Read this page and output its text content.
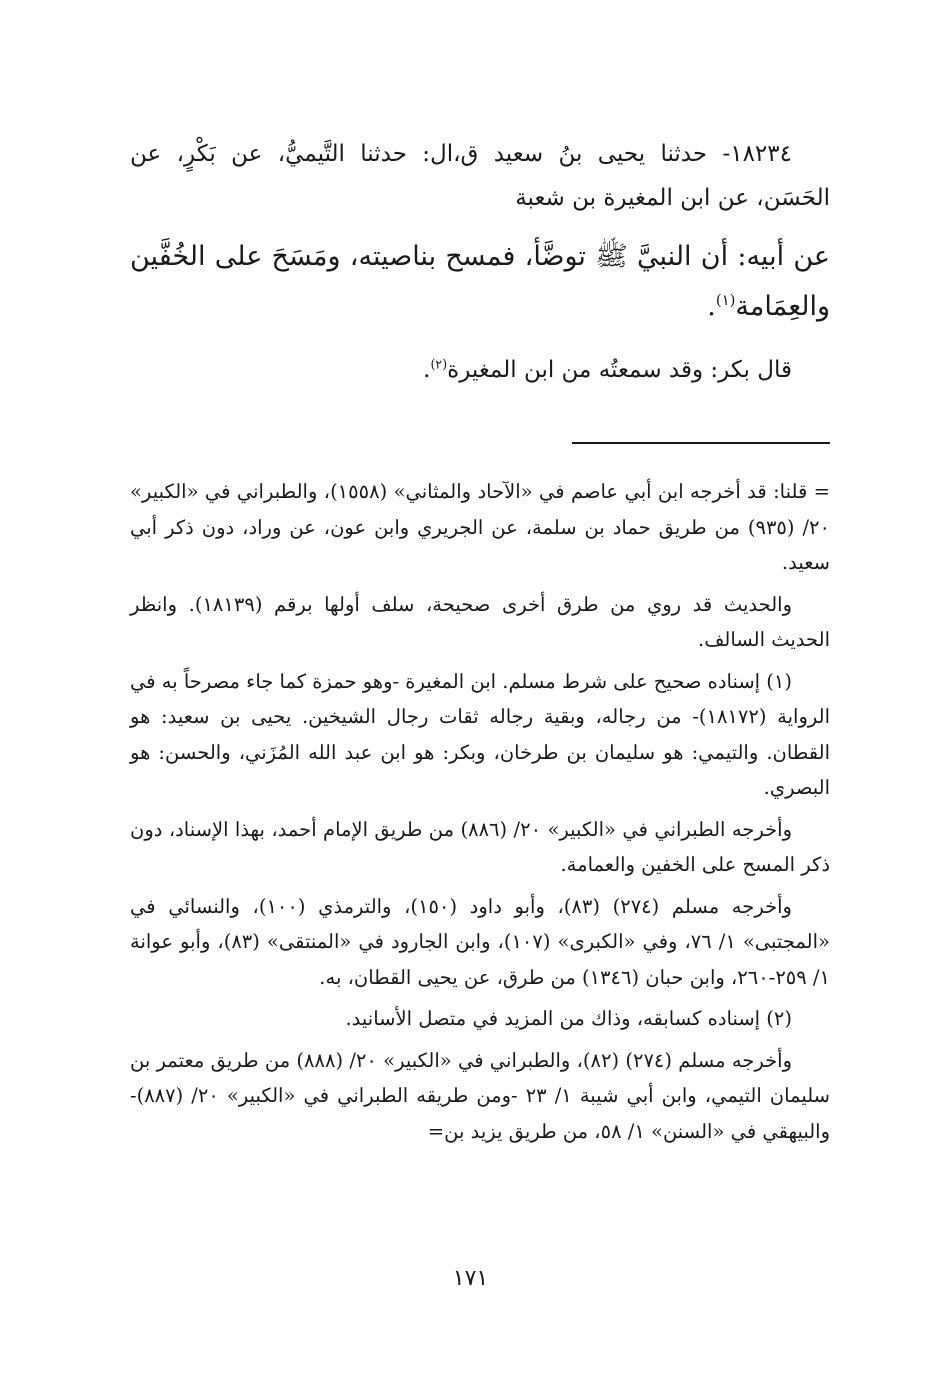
١٨٢٣٤- حدثنا يحيى بنُ سعيد ق،ال: حدثنا التَّيميُّ، عن بَكْرٍ، عن الحَسَن، عن ابن المغيرة بن شعبة
عن أبيه: أن النبيَّ ﷺ توضَّأ، فمسح بناصيته، ومَسَحَ على الخُفَّين والعِمَامة$^{(١)}$.
قال بكر: وقد سمعتُه من ابن المغيرة$^{(٢)}$.

= قلنا: قد أخرجه ابن أبي عاصم في «الآحاد والمثاني» (١٥٥٨)، والطبراني في «الكبير» ٢٠/ (٩٣٥) من طريق حماد بن سلمة، عن الجريري وابن عون، عن وراد، دون ذكر أبي سعيد.

والحديث قد روي من طرق أخرى صحيحة، سلف أولها برقم (١٨١٣٩). وانظر الحديث السالف.

(١) إسناده صحيح على شرط مسلم. ابن المغيرة -وهو حمزة كما جاء مصرحاً به في الرواية (١٨١٧٢)- من رجاله، وبقية رجاله ثقات رجال الشيخين. يحيى بن سعيد: هو القطان. والتيمي: هو سليمان بن طرخان، وبكر: هو ابن عبد الله المُزَني، والحسن: هو البصري.

وأخرجه الطبراني في «الكبير» ٢٠/ (٨٨٦) من طريق الإمام أحمد، بهذا الإسناد، دون ذكر المسح على الخفين والعمامة.

وأخرجه مسلم (٢٧٤) (٨٣)، وأبو داود (١٥٠)، والترمذي (١٠٠)، والنسائي في «المجتبى» ١/ ٧٦، وفي «الكبرى» (١٠٧)، وابن الجارود في «المنتقى» (٨٣)، وأبو عوانة ١/ ٢٥٩-٢٦٠، وابن حبان (١٣٤٦) من طرق، عن يحيى القطان، به.

(٢) إسناده كسابقه، وذاك من المزيد في متصل الأسانيد.

وأخرجه مسلم (٢٧٤) (٨٢)، والطبراني في «الكبير» ٢٠/ (٨٨٨) من طريق معتمر بن سليمان التيمي، وابن أبي شيبة ١/ ٢٣ -ومن طريقه الطبراني في «الكبير» ٢٠/ (٨٨٧)- والبيهقي في «السنن» ١/ ٥٨، من طريق يزيد بن=

١٧١
